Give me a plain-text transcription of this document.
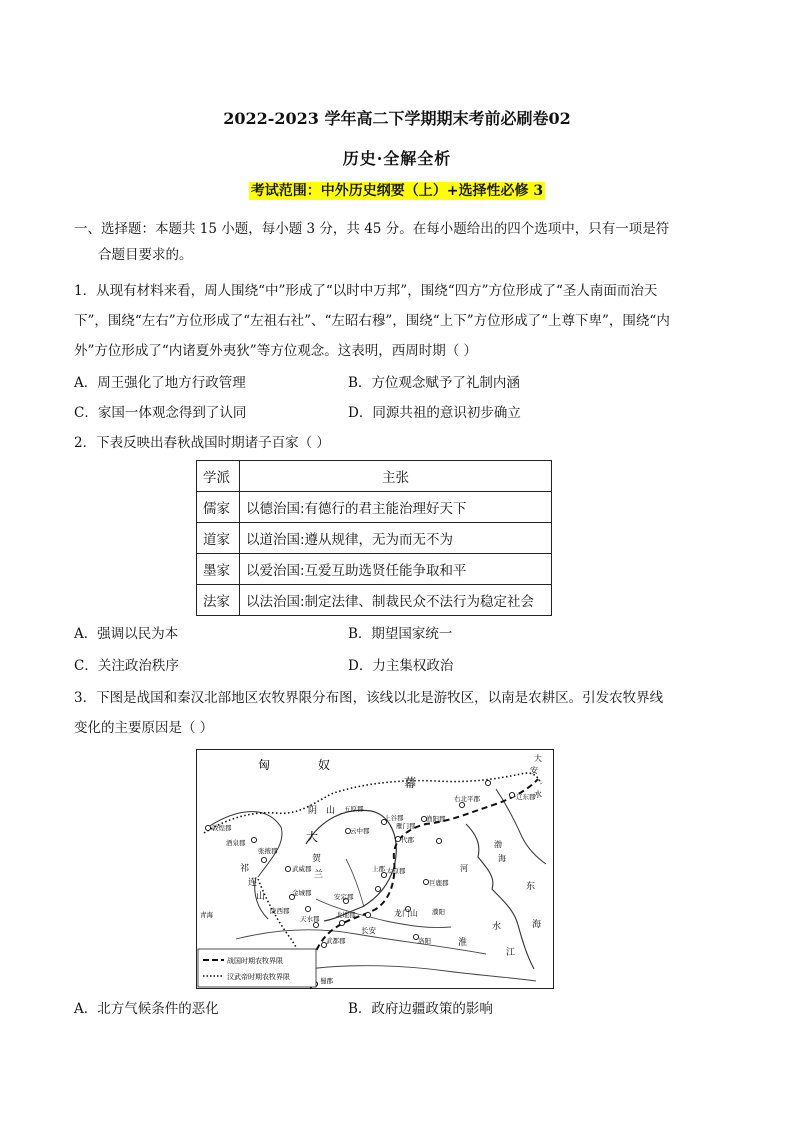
2022-2023 学年高二下学期期末考前必刷卷02
历史·全解全析
考试范围：中外历史纲要（上）+选择性必修 3
一、选择题：本题共 15 小题，每小题 3 分，共 45 分。在每小题给出的四个选项中，只有一项是符
合题目要求的。
1．从现有材料来看，周人围绕“中”形成了“以时中万邦”，围绕“四方”方位形成了“圣人南面而治天
下”，围绕“左右”方位形成了“左祖右社”、“左昭右穆”，围绕“上下”方位形成了“上尊下卑”，围绕“内
外”方位形成了“内诸夏外夷狄”等方位观念。这表明，西周时期（ ）
A．周王强化了地方行政管理	B．方位观念赋予了礼制内涵
C．家国一体观念得到了认同	D．同源共祖的意识初步确立
2．下表反映出春秋战国时期诸子百家（ ）
学派	主张
儒家	以德治国:有德行的君主能治理好天下
道家	以道治国:遵从规律，无为而无不为
墨家	以爱治国:互爱互助选贤任能争取和平
法家	以法治国:制定法律、制裁民众不法行为稳定社会
A．强调以民为本	B．期望国家统一
C．关注政治秩序	D．力主集权政治
3．下图是战国和秦汉北部地区农牧界限分布图，该线以北是游牧区，以南是农耕区。引发农牧界线
变化的主要原因是（ ）
匈	奴
幕
大
安
水
辽东郡
阴 山 五原郡
云中郡
上谷郡	渔阳郡
右北平郡
雁门郡
代郡
太原郡
巨鹿郡
上郡
敦煌郡
酒泉郡
张掖郡
武威郡
祁
连
山
大
贺
兰
渤
海
青海
金城郡
陇西郡
安定郡
北地郡
天水郡
武都郡
长安
龙门山 濮阳
洛阳	淮
水
江
东
海
蜀郡
河
战国时期农牧界限
汉武帝时期农牧界限
A．北方气候条件的恶化	B．政府边疆政策的影响
